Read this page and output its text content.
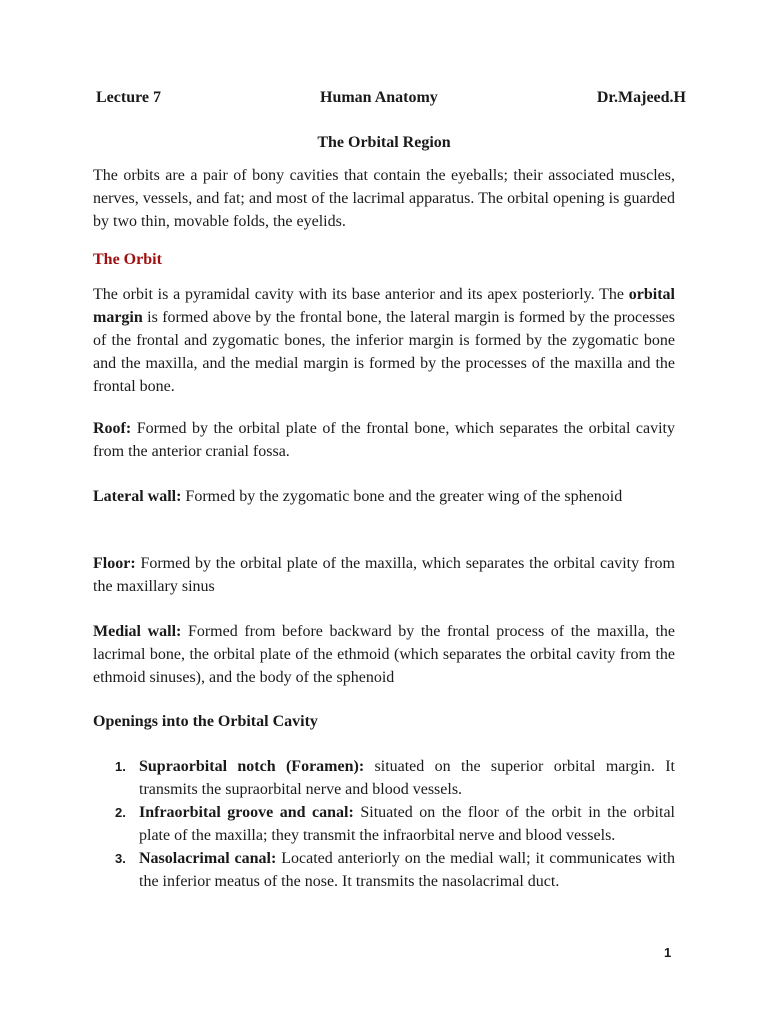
Lecture 7	Human Anatomy	Dr.Majeed.H
The Orbital Region

The orbits are a pair of bony cavities that contain the eyeballs; their associated muscles, nerves, vessels, and fat; and most of the lacrimal apparatus. The orbital opening is guarded by two thin, movable folds, the eyelids.

The Orbit

The orbit is a pyramidal cavity with its base anterior and its apex posteriorly. The orbital margin is formed above by the frontal bone, the lateral margin is formed by the processes of the frontal and zygomatic bones, the inferior margin is formed by the zygomatic bone and the maxilla, and the medial margin is formed by the processes of the maxilla and the frontal bone.

Roof: Formed by the orbital plate of the frontal bone, which separates the orbital cavity from the anterior cranial fossa.

Lateral wall: Formed by the zygomatic bone and the greater wing of the sphenoid

Floor: Formed by the orbital plate of the maxilla, which separates the orbital cavity from the maxillary sinus

Medial wall: Formed from before backward by the frontal process of the maxilla, the lacrimal bone, the orbital plate of the ethmoid (which separates the orbital cavity from the ethmoid sinuses), and the body of the sphenoid

Openings into the Orbital Cavity
1. Supraorbital notch (Foramen): situated on the superior orbital margin. It transmits the supraorbital nerve and blood vessels.
2. Infraorbital groove and canal: Situated on the floor of the orbit in the orbital plate of the maxilla; they transmit the infraorbital nerve and blood vessels.
3. Nasolacrimal canal: Located anteriorly on the medial wall; it communicates with the inferior meatus of the nose. It transmits the nasolacrimal duct.
1
